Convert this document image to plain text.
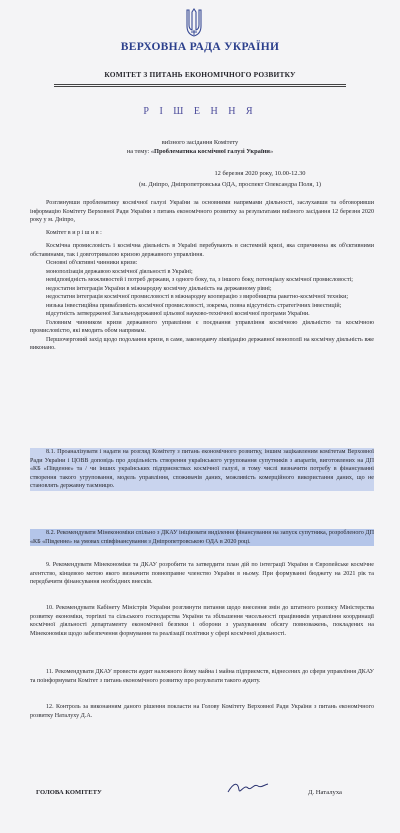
ВЕРХОВНА РАДА УКРАЇНИ
КОМІТЕТ З ПИТАНЬ ЕКОНОМІЧНОГО РОЗВИТКУ
Р І Ш Е Н Н Я
виїзного засідання Комітету
на тему: «Проблематика космічної галузі України»
12 березня 2020 року, 10.00-12.30
(м. Дніпро, Дніпропетровська ОДА, проспект Олександра Поля, 1)

Розглянувши проблематику космічної галузі України за основними напрямами діяльності, заслухавши та обговоривши інформацію Комітету Верховної Ради України з питань економічного розвитку за результатами виїзного засідання 12 березня 2020 року у м. Дніпро,

Комітет в и р і ш и в :

Космічна промисловість і космічна діяльність в Україні перебувають в системній кризі, яка спричинена як об'єктивними обставинами, так і довготривалою кризою державного управління.

Основні об'єктивні чинники кризи:

монополізація державою космічної діяльності в Україні;

невідповідність можливостей і потреб держави, з одного боку, та, з іншого боку, потенціалу космічної промисловості;

недостатня інтеграція України в міжнародну космічну діяльність на державному рівні;

недостатня інтеграція космічної промисловості в міжнародну кооперацію з виробництва ракетно-космічної техніки;

низька інвестиційна привабливість космічної промисловості, зокрема, повна відсутність стратегічних інвестицій;

відсутність затвердженої Загальнодержавної цільової науково-технічної космічної програми України.

Головним чинником кризи державного управління є поєднання управління космічною діяльністю та космічною промисловістю, які вмодить обом напрямам.

Першочерговий захід щодо подолання кризи, в саме, законодавчу ліквідацію державної монополії на космічну діяльність вже виконано.

8.1. Проаналізувати і надати на розгляд Комітету з питань економічного розвитку, іншим зацікавленим комітетам Верховної Ради України і ЦОВВ доповідь про доцільність створення українського угруповання супутників з апаратів, виготовлених на ДП «КБ «Південне» та / чи інших українських підприємствах космічної галузі, в тому числі визначити потребу в фінансуванні створення такого угруповання, модель управління, споживачів даних, можливість комерційного використання даних, що не становлять державну таємницю.

8.2. Рекомендувати Мінекономіки спільно з ДКАУ ініціювати виділення фінансування на запуск супутника, розробленого ДП «КБ «Південне» на умовах співфінансування з Дніпропетровською ОДА в 2020 році.

9. Рекомендувати Мінекономіки та ДКАУ розробити та затвердити план дій по інтеграції України в Європейське космічне агентство, кінцевою метою якого визначити повноправне членство України в ньому. При формуванні бюджету на 2021 рік та передбачити фінансування необхідних внесків.

10. Рекомендувати Кабінету Міністрів України розглянути питання щодо внесення змін до штатного розпису Міністерства розвитку економіки, торгівлі та сільського господарства України та збільшення чисельності працівників управління координації космічної діяльності департаменту економічної безпеки і оборони з урахуванням обсягу повноважень, покладених на Мінекономіки щодо забезпечення формування та реалізації політики у сфері космічної діяльності.

11. Рекомендувати ДКАУ провести аудит належного йому майна і майна підприємств, віднесених до сфери управління ДКАУ та поінформувати Комітет з питань економічного розвитку про результати такого аудиту.

12. Контроль за виконанням даного рішення покласти на Голову Комітету Верховної Ради України з питань економічного розвитку Наталуху Д.А.

ГОЛОВА КОМІТЕТУ	Д. Наталуха
